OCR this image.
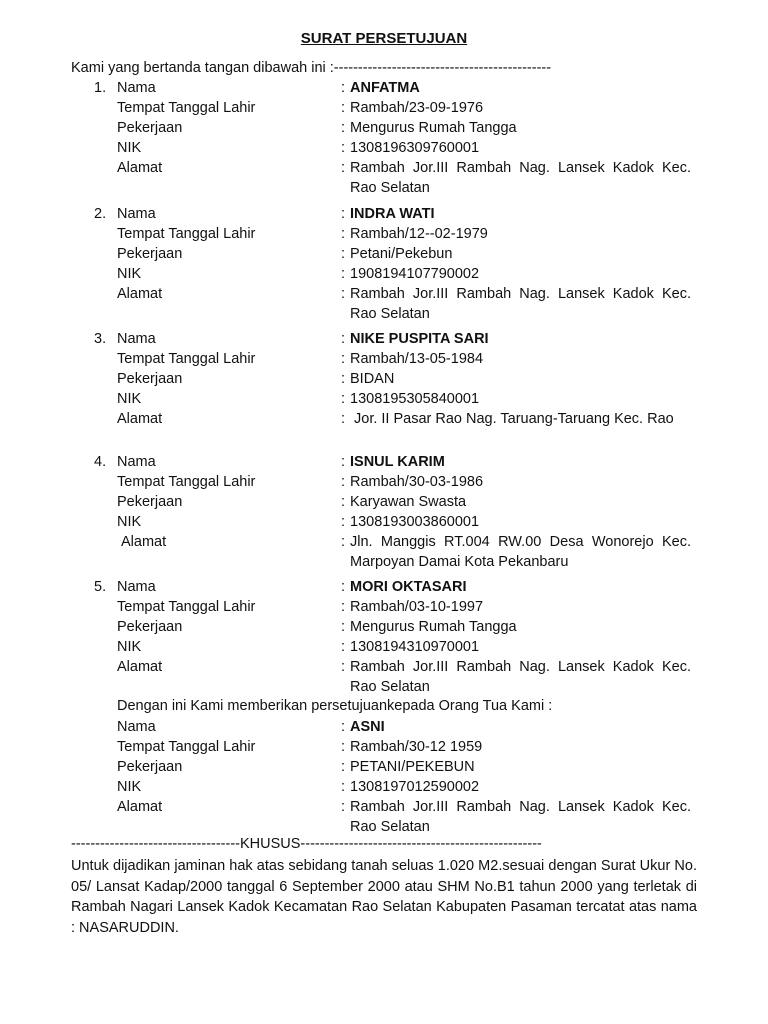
SURAT PERSETUJUAN
Kami yang bertanda tangan dibawah ini :---------------------------------------------
1. Nama	: ANFATMA
Tempat Tanggal Lahir	: Rambah/23-09-1976
Pekerjaan	: Mengurus Rumah Tangga
NIK	: 1308196309760001
Alamat	: Rambah Jor.III Rambah Nag. Lansek Kadok Kec. Rao Selatan
2. Nama	: INDRA WATI
Tempat Tanggal Lahir	: Rambah/12--02-1979
Pekerjaan	: Petani/Pekebun
NIK	: 1908194107790002
Alamat	: Rambah Jor.III Rambah Nag. Lansek Kadok Kec. Rao Selatan
3. Nama	: NIKE PUSPITA SARI
Tempat Tanggal Lahir	: Rambah/13-05-1984
Pekerjaan	: BIDAN
NIK	: 1308195305840001
Alamat	: Jor. II Pasar Rao Nag. Taruang-Taruang Kec. Rao
4. Nama	: ISNUL KARIM
Tempat Tanggal Lahir	: Rambah/30-03-1986
Pekerjaan	: Karyawan Swasta
NIK	: 1308193003860001
Alamat	: Jln. Manggis RT.004 RW.00 Desa Wonorejo Kec. Marpoyan Damai Kota Pekanbaru
5. Nama	: MORI OKTASARI
Tempat Tanggal Lahir	: Rambah/03-10-1997
Pekerjaan	: Mengurus Rumah Tangga
NIK	: 1308194310970001
Alamat	: Rambah Jor.III Rambah Nag. Lansek Kadok Kec. Rao Selatan
Dengan ini Kami memberikan persetujuankepada Orang Tua Kami :
Nama	: ASNI
Tempat Tanggal Lahir	: Rambah/30-12 1959
Pekerjaan	: PETANI/PEKEBUN
NIK	: 1308197012590002
Alamat	: Rambah Jor.III Rambah Nag. Lansek Kadok Kec. Rao Selatan
-----------------------------------KHUSUS--------------------------------------------------
Untuk dijadikan jaminan hak atas sebidang tanah seluas 1.020 M2.sesuai dengan Surat Ukur No. 05/ Lansat Kadap/2000 tanggal 6 September 2000 atau SHM No.B1 tahun 2000 yang terletak di Rambah Nagari Lansek Kadok Kecamatan Rao Selatan Kabupaten Pasaman tercatat atas nama : NASARUDDIN.
